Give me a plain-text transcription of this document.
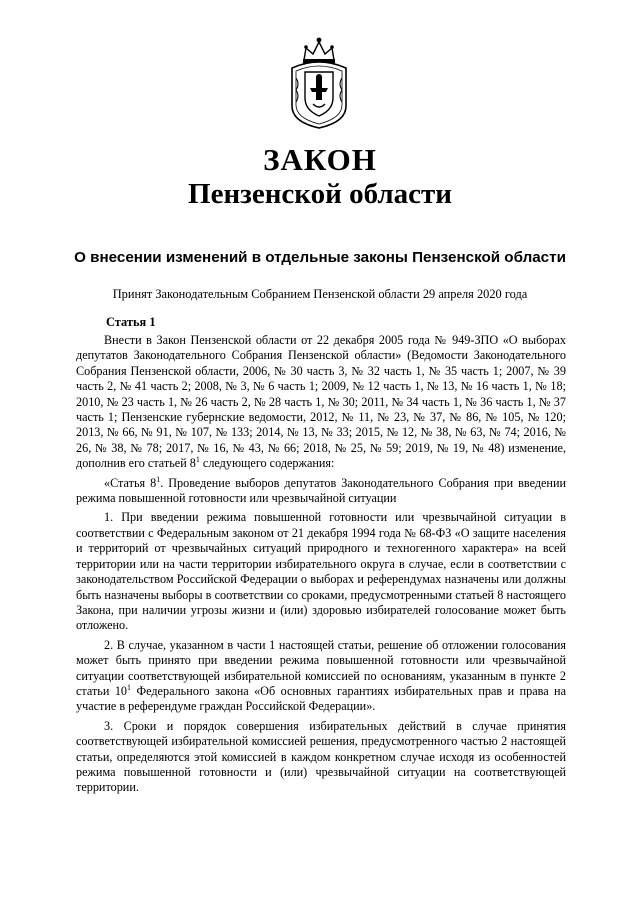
ЗАКОН
Пензенской области
О внесении изменений в отдельные законы Пензенской области
Принят Законодательным Собранием Пензенской области 29 апреля 2020 года
Статья 1

Внести в Закон Пензенской области от 22 декабря 2005 года № 949-ЗПО «О выборах депутатов Законодательного Собрания Пензенской области» (Ведомости Законодательного Собрания Пензенской области, 2006, № 30 часть 3, № 32 часть 1, № 35 часть 1; 2007, № 39 часть 2, № 41 часть 2; 2008, № 3, № 6 часть 1; 2009, № 12 часть 1, № 13, № 16 часть 1, № 18; 2010, № 23 часть 1, № 26 часть 2, № 28 часть 1, № 30; 2011, № 34 часть 1, № 36 часть 1, № 37 часть 1; Пензенские губернские ведомости, 2012, № 11, № 23, № 37, № 86, № 105, № 120; 2013, № 66, № 91, № 107, № 133; 2014, № 13, № 33; 2015, № 12, № 38, № 63, № 74; 2016, № 26, № 38, № 78; 2017, № 16, № 43, № 66; 2018, № 25, № 59; 2019, № 19, № 48) изменение, дополнив его статьей $8^1$ следующего содержания:

«Статья $8^1$. Проведение выборов депутатов Законодательного Собрания при введении режима повышенной готовности или чрезвычайной ситуации

1. При введении режима повышенной готовности или чрезвычайной ситуации в соответствии с Федеральным законом от 21 декабря 1994 года № 68-ФЗ «О защите населения и территорий от чрезвычайных ситуаций природного и техногенного характера» на всей территории или на части территории избирательного округа в случае, если в соответствии с законодательством Российской Федерации о выборах и референдумах назначены или должны быть назначены выборы в соответствии со сроками, предусмотренными статьей 8 настоящего Закона, при наличии угрозы жизни и (или) здоровью избирателей голосование может быть отложено.

2. В случае, указанном в части 1 настоящей статьи, решение об отложении голосования может быть принято при введении режима повышенной готовности или чрезвычайной ситуации соответствующей избирательной комиссией по основаниям, указанным в пункте 2 статьи $10^1$ Федерального закона «Об основных гарантиях избирательных прав и права на участие в референдуме граждан Российской Федерации».

3. Сроки и порядок совершения избирательных действий в случае принятия соответствующей избирательной комиссией решения, предусмотренного частью 2 настоящей статьи, определяются этой комиссией в каждом конкретном случае исходя из особенностей режима повышенной готовности и (или) чрезвычайной ситуации на соответствующей территории.
